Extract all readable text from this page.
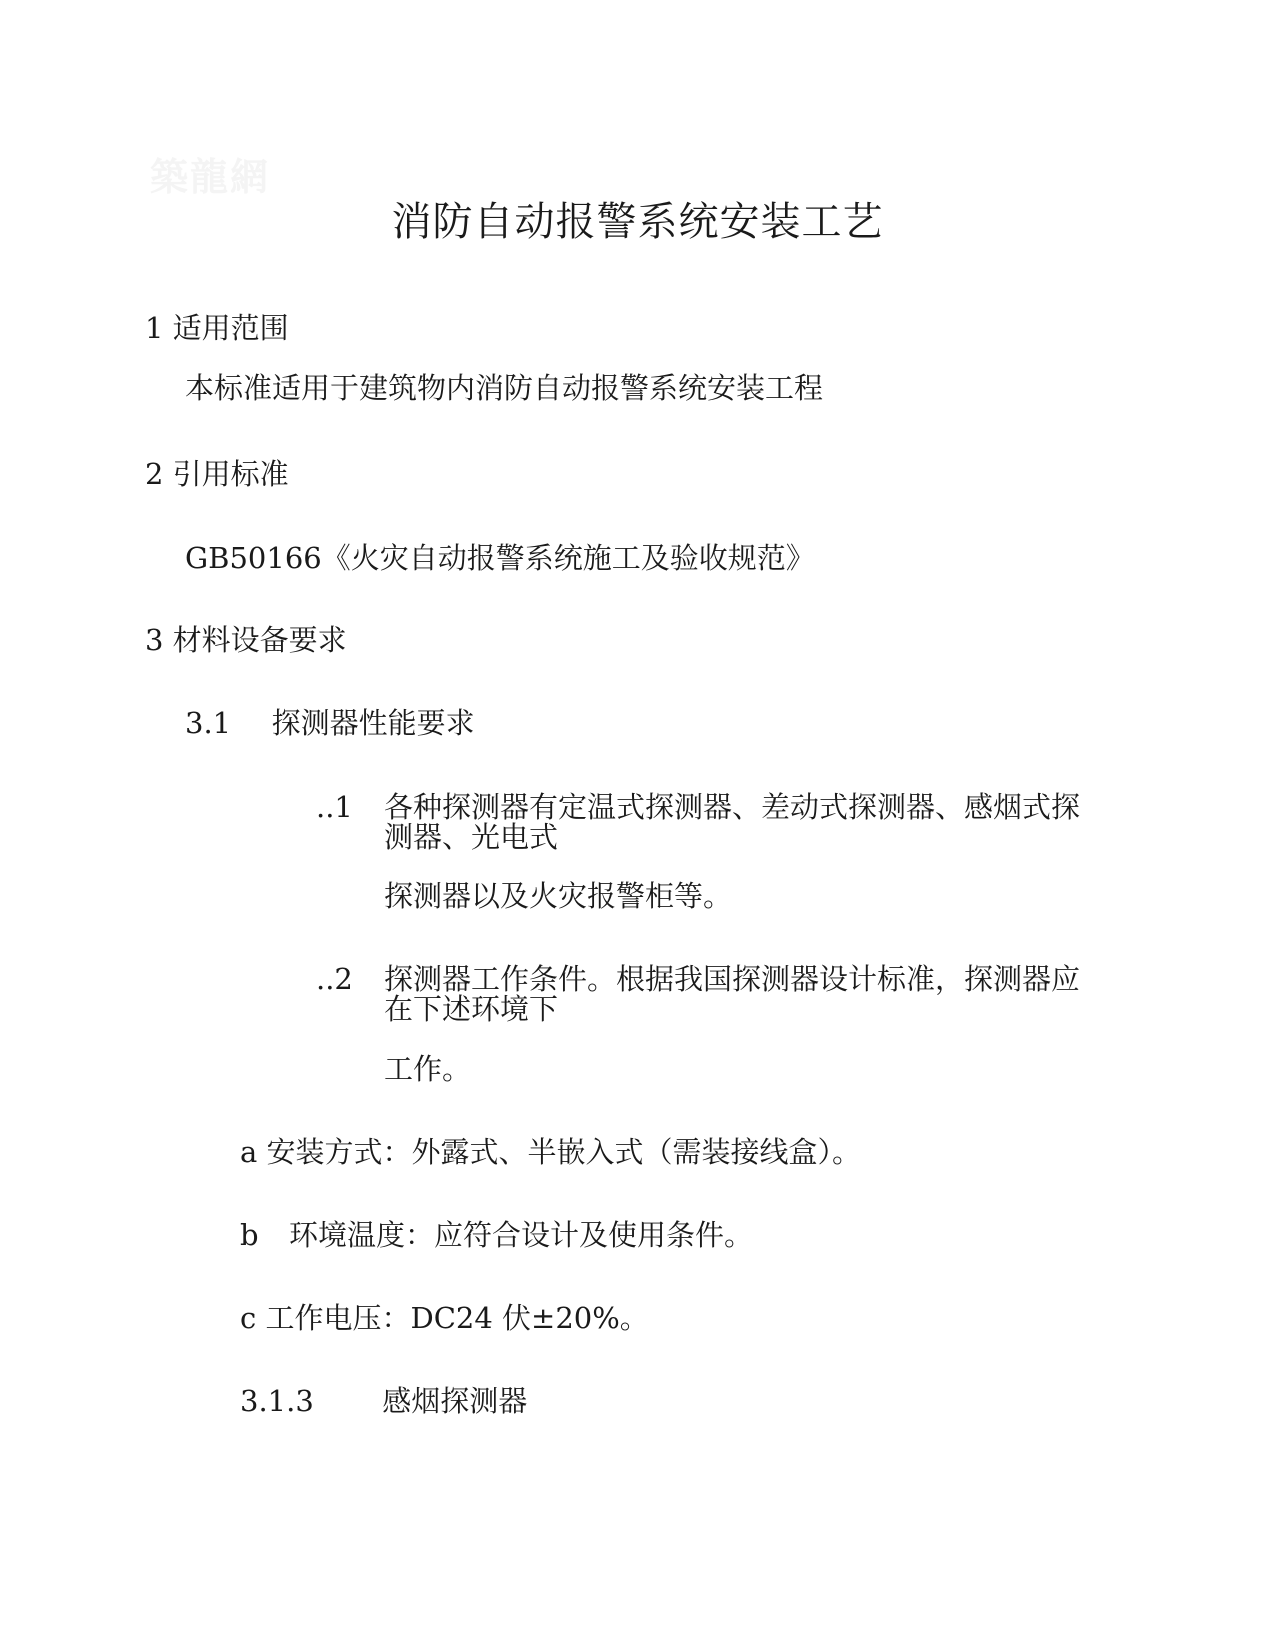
築龍網
消防自动报警系统安装工艺
1 适用范围
本标准适用于建筑物内消防自动报警系统安装工程
2 引用标准
GB50166《火灾自动报警系统施工及验收规范》
3 材料设备要求
3.1 探测器性能要求
..1 各种探测器有定温式探测器、差动式探测器、感烟式探测器、光电式
探测器以及火灾报警柜等。
..2 探测器工作条件。根据我国探测器设计标准，探测器应在下述环境下
工作。
a 安装方式：外露式、半嵌入式（需装接线盒）。
b 环境温度：应符合设计及使用条件。
c 工作电压：DC24 伏±20%。
3.1.3 感烟探测器
